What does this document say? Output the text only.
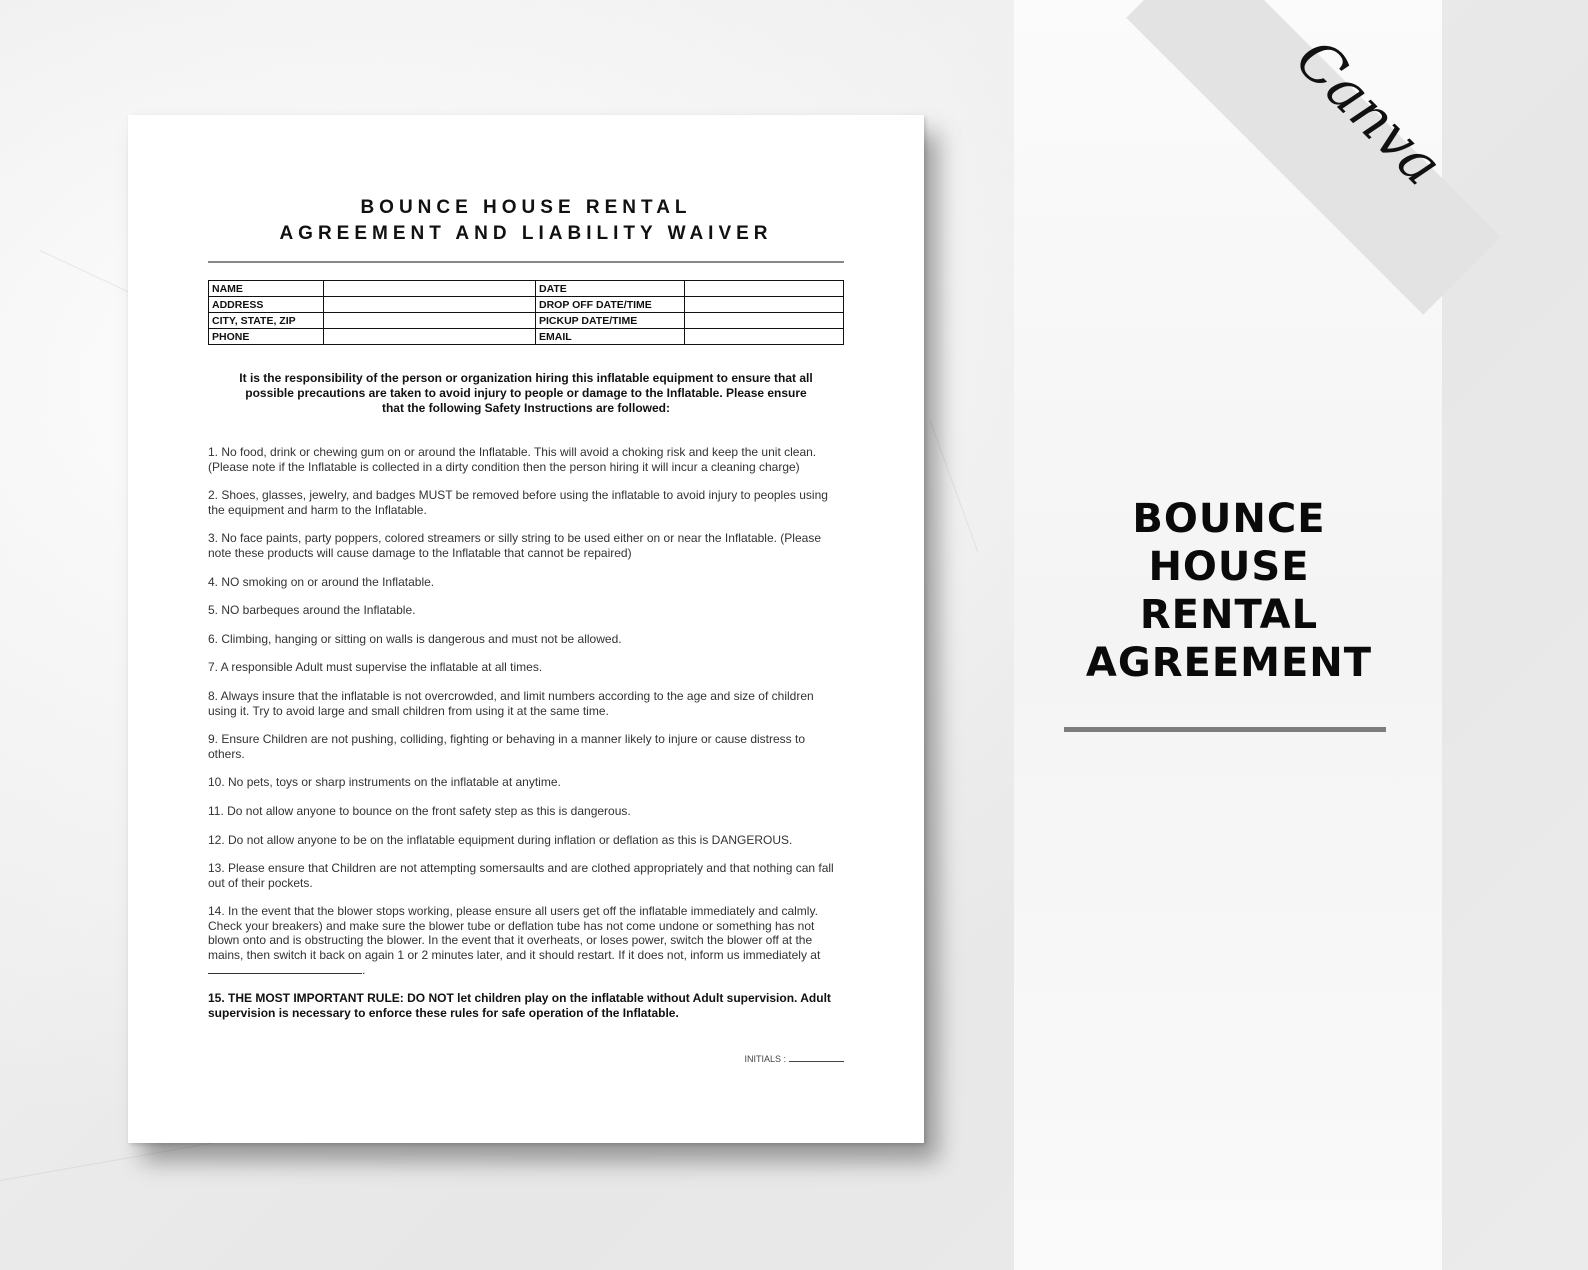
Canva
BOUNCE
HOUSE
RENTAL
AGREEMENT
BOUNCE HOUSE RENTAL
AGREEMENT AND LIABILITY WAIVER
NAME		DATE	
ADDRESS		DROP OFF DATE/TIME	
CITY, STATE, ZIP		PICKUP DATE/TIME	
PHONE		EMAIL	

It is the responsibility of the person or organization hiring this inflatable equipment to ensure that all possible precautions are taken to avoid injury to people or damage to the Inflatable. Please ensure that the following Safety Instructions are followed:

1. No food, drink or chewing gum on or around the Inflatable. This will avoid a choking risk and keep the unit clean. (Please note if the Inflatable is collected in a dirty condition then the person hiring it will incur a cleaning charge)
2. Shoes, glasses, jewelry, and badges MUST be removed before using the inflatable to avoid injury to peoples using the equipment and harm to the Inflatable.
3. No face paints, party poppers, colored streamers or silly string to be used either on or near the Inflatable. (Please note these products will cause damage to the Inflatable that cannot be repaired)
4. NO smoking on or around the Inflatable.
5. NO barbeques around the Inflatable.
6. Climbing, hanging or sitting on walls is dangerous and must not be allowed.
7. A responsible Adult must supervise the inflatable at all times.
8. Always insure that the inflatable is not overcrowded, and limit numbers according to the age and size of children using it. Try to avoid large and small children from using it at the same time.
9. Ensure Children are not pushing, colliding, fighting or behaving in a manner likely to injure or cause distress to others.
10. No pets, toys or sharp instruments on the inflatable at anytime.
11. Do not allow anyone to bounce on the front safety step as this is dangerous.
12. Do not allow anyone to be on the inflatable equipment during inflation or deflation as this is DANGEROUS.
13. Please ensure that Children are not attempting somersaults and are clothed appropriately and that nothing can fall out of their pockets.
14. In the event that the blower stops working, please ensure all users get off the inflatable immediately and calmly. Check your breakers) and make sure the blower tube or deflation tube has not come undone or something has not blown onto and is obstructing the blower. In the event that it overheats, or loses power, switch the blower off at the mains, then switch it back on again 1 or 2 minutes later, and it should restart. If it does not, inform us immediately at
.
15. THE MOST IMPORTANT RULE: DO NOT let children play on the inflatable without Adult supervision. Adult supervision is necessary to enforce these rules for safe operation of the Inflatable.
INITIALS :
